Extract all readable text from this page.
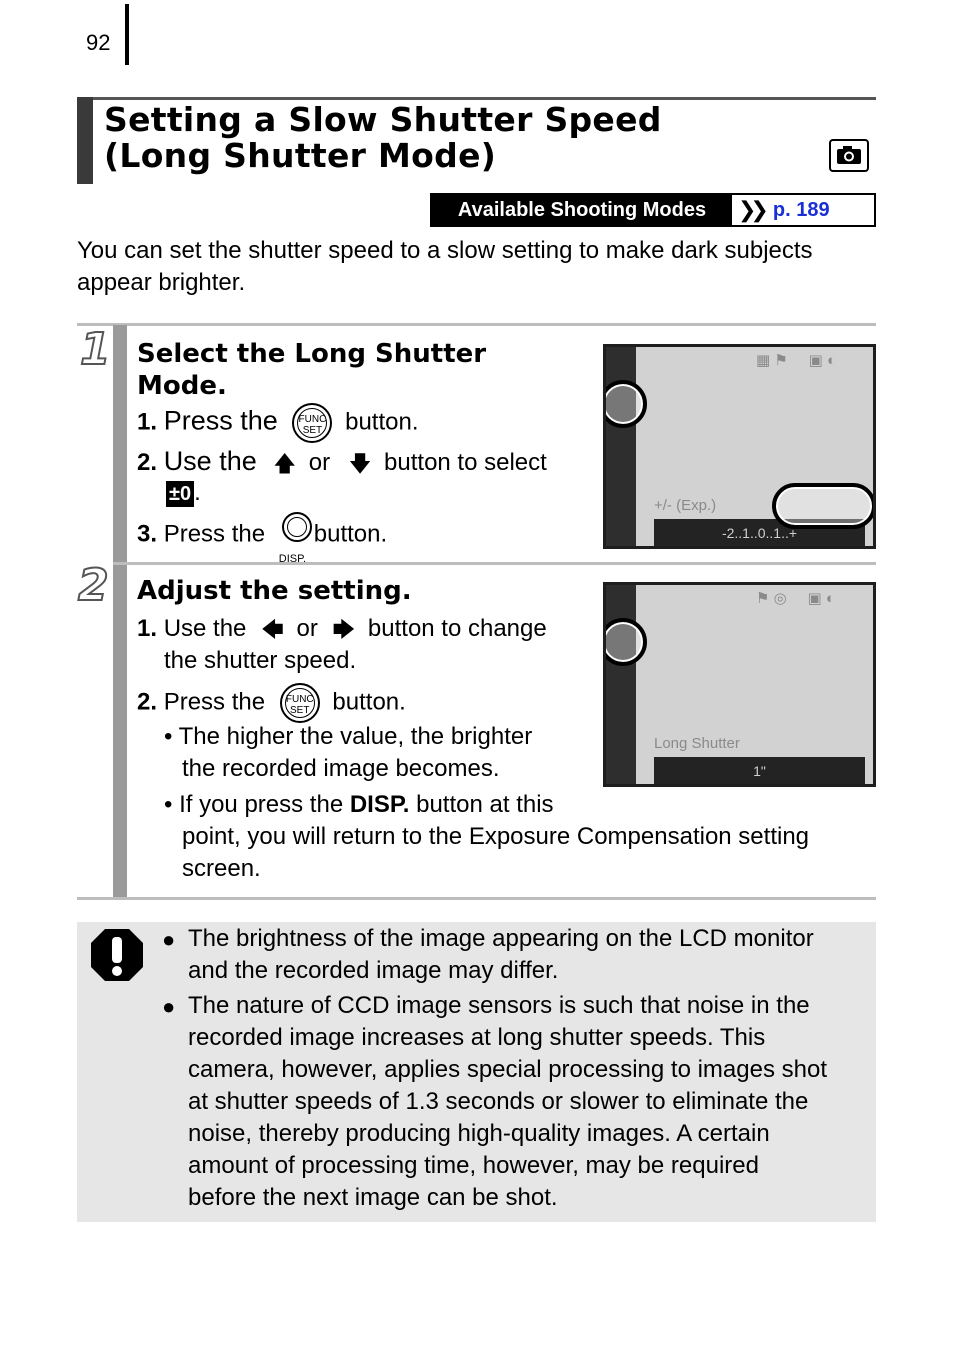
92
Setting a Slow Shutter Speed
(Long Shutter Mode)
Available Shooting Modes	❯❯ p. 189
You can set the shutter speed to a slow setting to make dark subjects appear brighter.
1 Select the Long Shutter Mode.
1. Press the	FUNC
SET button.
2. Use the 🡅 or 🡇 button to select
±0 .
3. Press the
DISP.
button.
▦ ⚑     ▣ ◐
+/- (Exp.)
-2..1..0..1..+
2 Adjust the setting.
1. Use the 🡄 or 🡆 button to change
the shutter speed.
2. Press the	FUNC
SET button.
• The higher the value, the brighter
the recorded image becomes.
• If you press the DISP. button at this
point, you will return to the Exposure Compensation setting
screen.
⚑ ◎     ▣ ◐
Long Shutter
1"
● The brightness of the image appearing on the LCD monitor
and the recorded image may differ.
● The nature of CCD image sensors is such that noise in the
recorded image increases at long shutter speeds. This
camera, however, applies special processing to images shot
at shutter speeds of 1.3 seconds or slower to eliminate the
noise, thereby producing high-quality images. A certain
amount of processing time, however, may be required
before the next image can be shot.
